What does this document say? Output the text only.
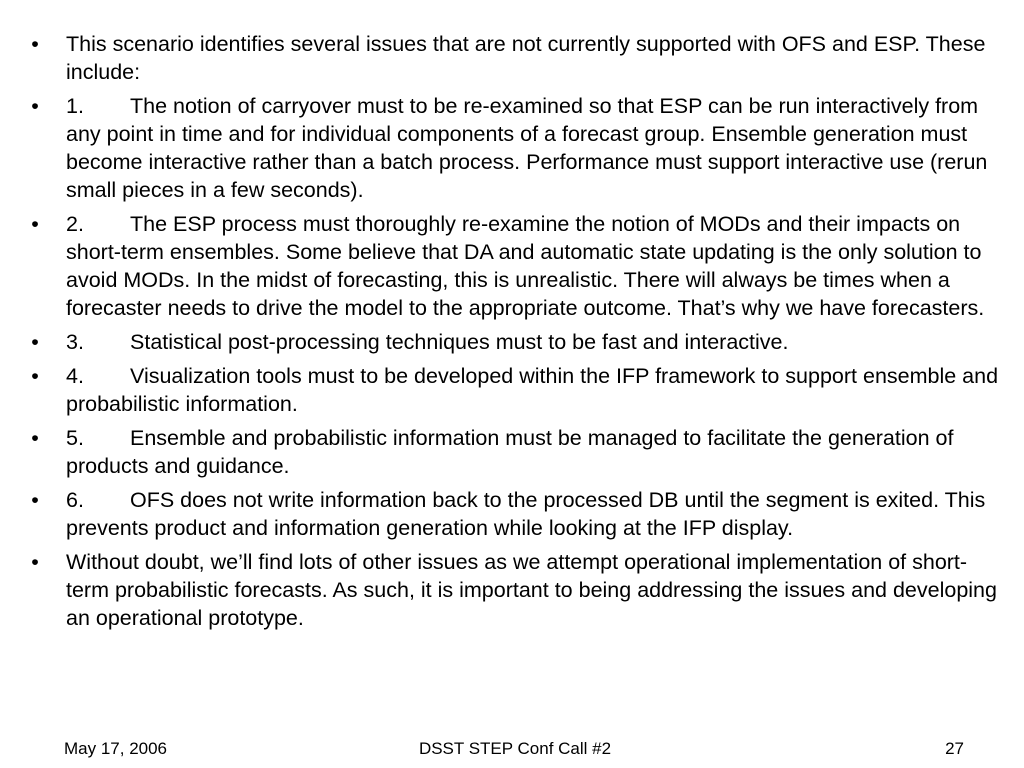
• This scenario identifies several issues that are not currently supported with OFS and ESP. These include:
• 1. The notion of carryover must to be re-examined so that ESP can be run interactively from any point in time and for individual components of a forecast group. Ensemble generation must become interactive rather than a batch process. Performance must support interactive use (rerun small pieces in a few seconds).
• 2. The ESP process must thoroughly re-examine the notion of MODs and their impacts on short-term ensembles. Some believe that DA and automatic state updating is the only solution to avoid MODs. In the midst of forecasting, this is unrealistic. There will always be times when a forecaster needs to drive the model to the appropriate outcome. That’s why we have forecasters.
• 3. Statistical post-processing techniques must to be fast and interactive.
• 4. Visualization tools must to be developed within the IFP framework to support ensemble and probabilistic information.
• 5. Ensemble and probabilistic information must be managed to facilitate the generation of products and guidance.
• 6. OFS does not write information back to the processed DB until the segment is exited. This prevents product and information generation while looking at the IFP display.
• Without doubt, we’ll find lots of other issues as we attempt operational implementation of short-term probabilistic forecasts. As such, it is important to being addressing the issues and developing an operational prototype.
May 17, 2006	DSST STEP Conf Call #2	27
